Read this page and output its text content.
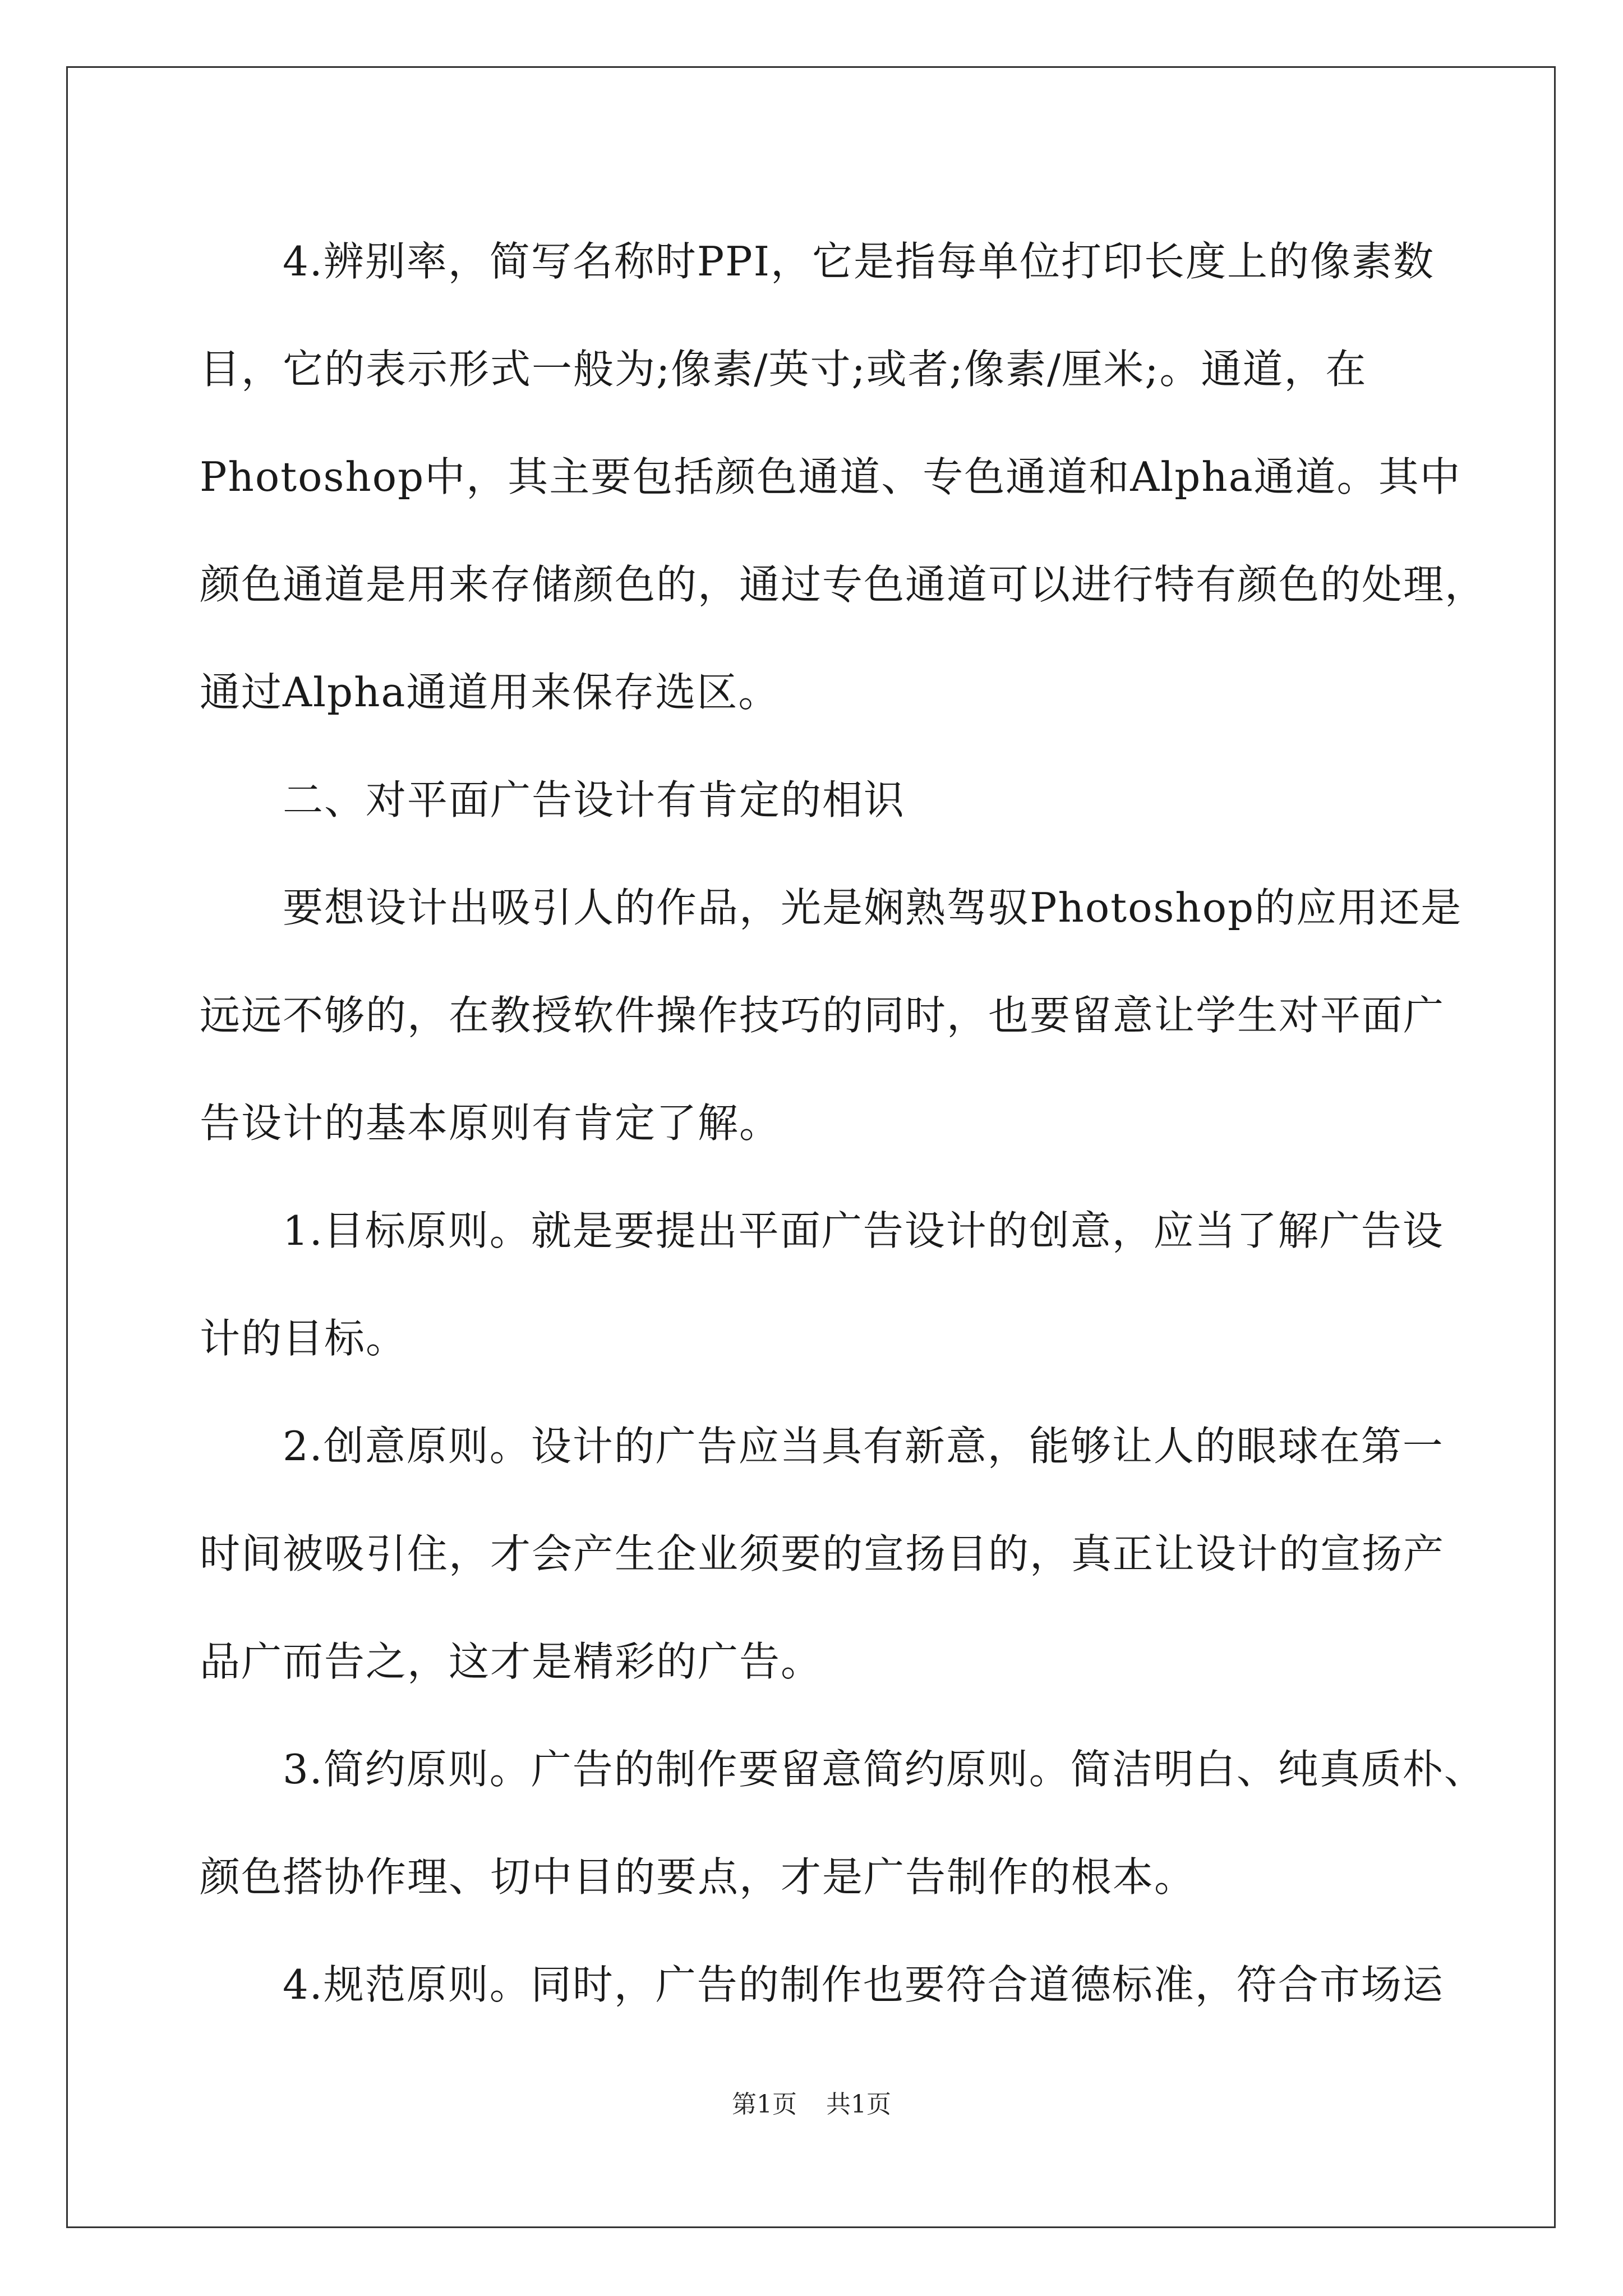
　　4.辨别率，简写名称时PPI，它是指每单位打印长度上的像素数
目，它的表示形式一般为;像素/英寸;或者;像素/厘米;。通道，在
Photoshop中，其主要包括颜色通道、专色通道和Alpha通道。其中
颜色通道是用来存储颜色的，通过专色通道可以进行特有颜色的处理，
通过Alpha通道用来保存选区。
　　二、对平面广告设计有肯定的相识
　　要想设计出吸引人的作品，光是娴熟驾驭Photoshop的应用还是
远远不够的，在教授软件操作技巧的同时，也要留意让学生对平面广
告设计的基本原则有肯定了解。
　　1.目标原则。就是要提出平面广告设计的创意，应当了解广告设
计的目标。
　　2.创意原则。设计的广告应当具有新意，能够让人的眼球在第一
时间被吸引住，才会产生企业须要的宣扬目的，真正让设计的宣扬产
品广而告之，这才是精彩的广告。
　　3.简约原则。广告的制作要留意简约原则。简洁明白、纯真质朴、
颜色搭协作理、切中目的要点，才是广告制作的根本。
　　4.规范原则。同时，广告的制作也要符合道德标准，符合市场运
第1页 共1页
